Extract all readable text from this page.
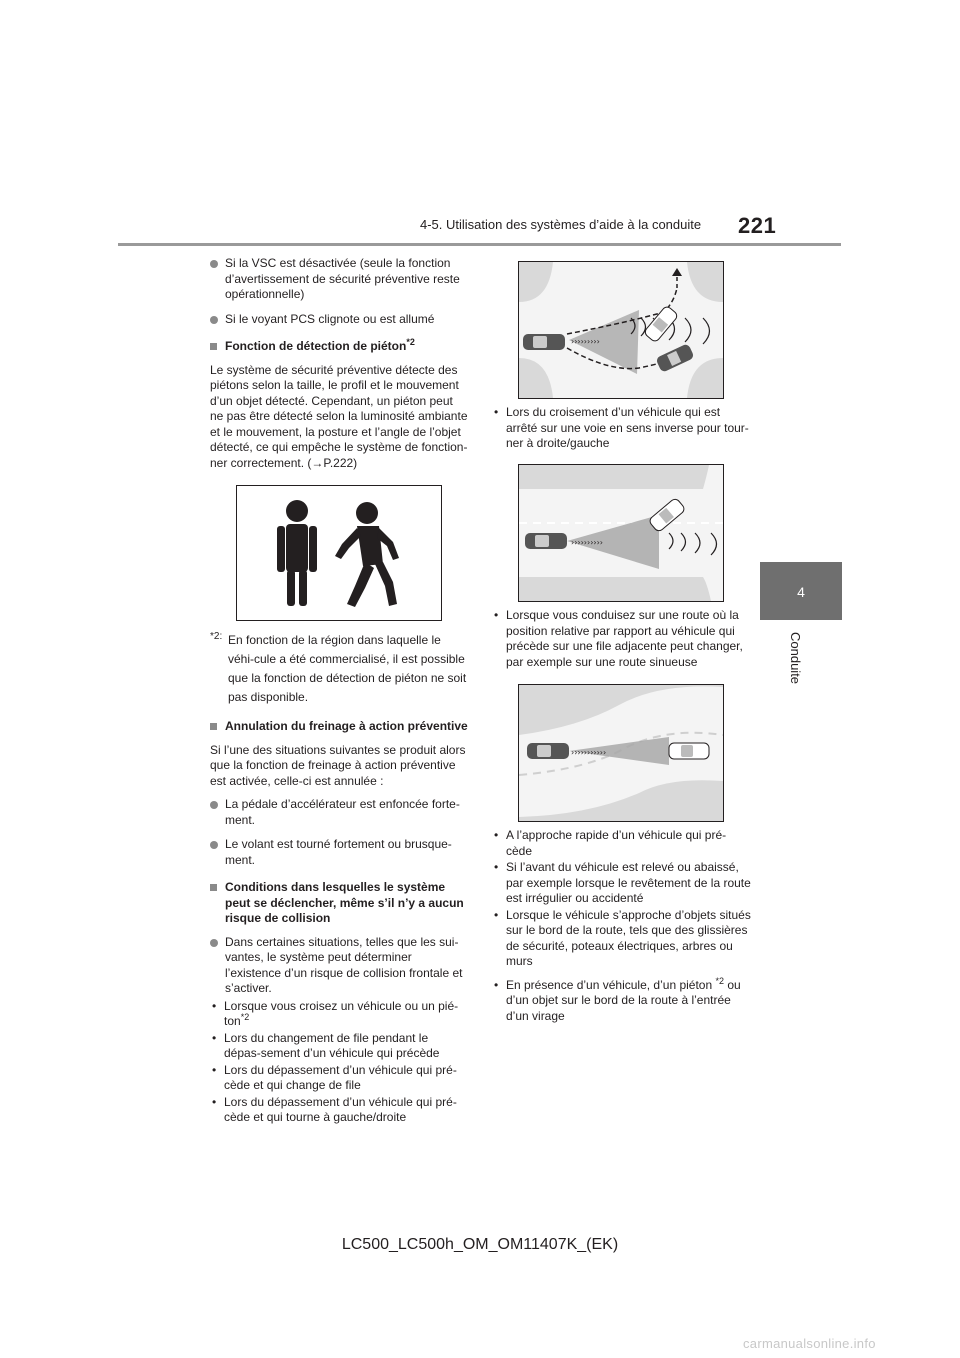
4-5. Utilisation des systèmes d’aide à la conduite 221
4
Conduite
Si la VSC est désactivée (seule la fonction d’avertissement de sécurité préventive reste opérationnelle)
Si le voyant PCS clignote ou est allumé
Fonction de détection de piéton$^{*2}$
Le système de sécurité préventive détecte des piétons selon la taille, le profil et le mouvement d’un objet détecté. Cependant, un piéton peut ne pas être détecté selon la luminosité ambiante et le mouvement, la posture et l’angle de l’objet détecté, ce qui empêche le système de fonction-ner correctement. (→P.222)
*2: En fonction de la région dans laquelle le véhi-cule a été commercialisé, il est possible que la fonction de détection de piéton ne soit pas disponible.
Annulation du freinage à action préventive
Si l’une des situations suivantes se produit alors que la fonction de freinage à action préventive est activée, celle-ci est annulée :
La pédale d’accélérateur est enfoncée forte-ment.
Le volant est tourné fortement ou brusque-ment.
Conditions dans lesquelles le système peut se déclencher, même s’il n’y a aucun risque de collision
Dans certaines situations, telles que les sui-vantes, le système peut déterminer l’existence d’un risque de collision frontale et s’activer.
• Lorsque vous croisez un véhicule ou un pié-ton$^{*2}$
• Lors du changement de file pendant le dépas-sement d’un véhicule qui précède
• Lors du dépassement d’un véhicule qui pré-cède et qui change de file
• Lors du dépassement d’un véhicule qui pré-cède et qui tourne à gauche/droite
›››››››››
• Lors du croisement d’un véhicule qui est arrêté sur une voie en sens inverse pour tour-ner à droite/gauche
››››››››››
• Lorsque vous conduisez sur une route où la position relative par rapport au véhicule qui précède sur une file adjacente peut changer, par exemple sur une route sinueuse
›››››››››››
• A l’approche rapide d’un véhicule qui pré-cède
• Si l’avant du véhicule est relevé ou abaissé, par exemple lorsque le revêtement de la route est irrégulier ou accidenté
• Lorsque le véhicule s’approche d’objets situés sur le bord de la route, tels que des glissières de sécurité, poteaux électriques, arbres ou murs
• En présence d’un véhicule, d’un piéton $^{*2}$ ou d’un objet sur le bord de la route à l’entrée d’un virage
LC500_LC500h_OM_OM11407K_(EK)
carmanualsonline.info
